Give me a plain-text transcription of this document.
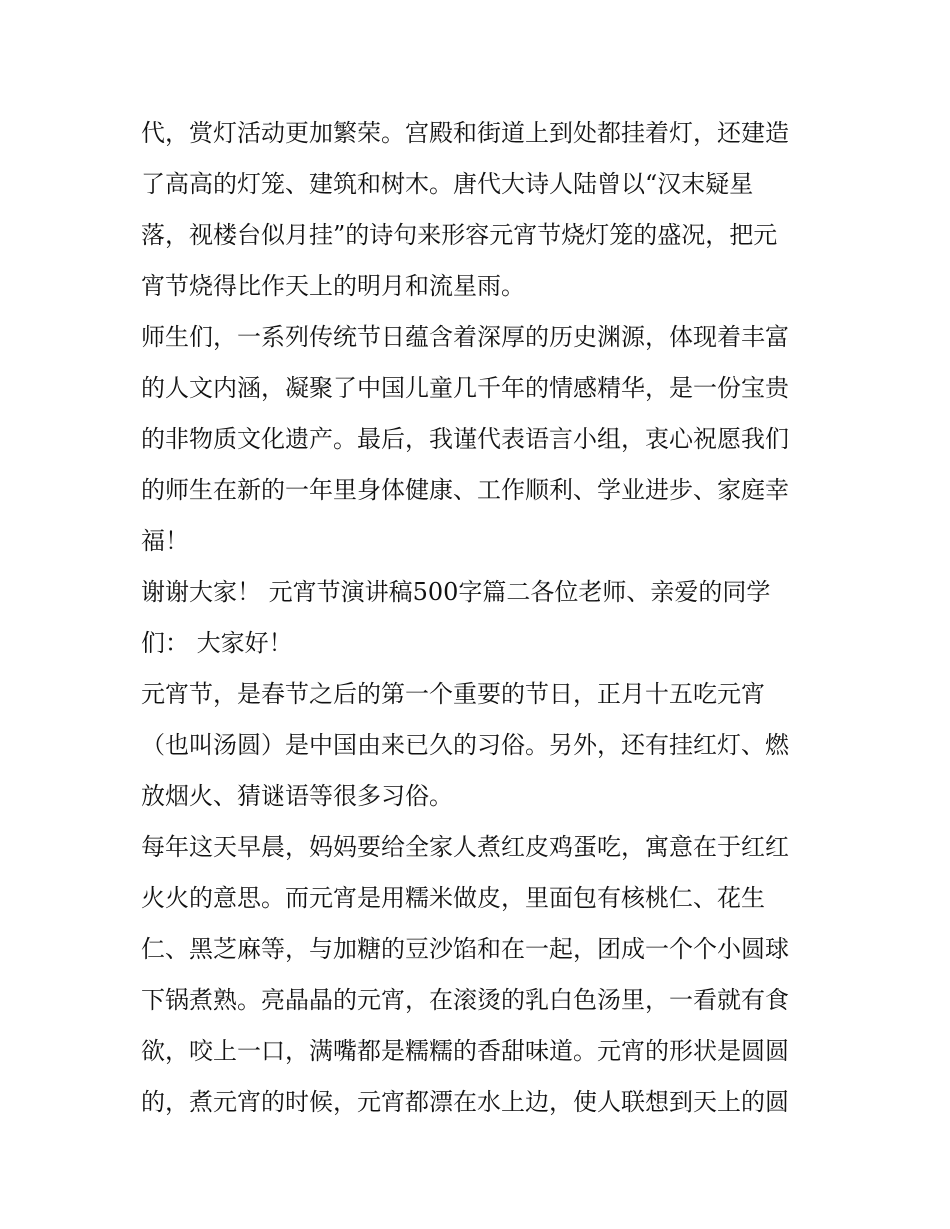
代，赏灯活动更加繁荣。宫殿和街道上到处都挂着灯，还建造
了高高的灯笼、建筑和树木。唐代大诗人陆曾以“汉末疑星
落，视楼台似月挂”的诗句来形容元宵节烧灯笼的盛况，把元
宵节烧得比作天上的明月和流星雨。
师生们，一系列传统节日蕴含着深厚的历史渊源，体现着丰富
的人文内涵，凝聚了中国儿童几千年的情感精华，是一份宝贵
的非物质文化遗产。最后，我谨代表语言小组，衷心祝愿我们
的师生在新的一年里身体健康、工作顺利、学业进步、家庭幸
福！
谢谢大家！ 元宵节演讲稿500字篇二各位老师、亲爱的同学
们： 大家好！
元宵节，是春节之后的第一个重要的节日，正月十五吃元宵
（也叫汤圆）是中国由来已久的习俗。另外，还有挂红灯、燃
放烟火、猜谜语等很多习俗。
每年这天早晨，妈妈要给全家人煮红皮鸡蛋吃，寓意在于红红
火火的意思。而元宵是用糯米做皮，里面包有核桃仁、花生
仁、黑芝麻等，与加糖的豆沙馅和在一起，团成一个个小圆球
下锅煮熟。亮晶晶的元宵，在滚烫的乳白色汤里，一看就有食
欲，咬上一口，满嘴都是糯糯的香甜味道。元宵的形状是圆圆
的，煮元宵的时候，元宵都漂在水上边，使人联想到天上的圆
